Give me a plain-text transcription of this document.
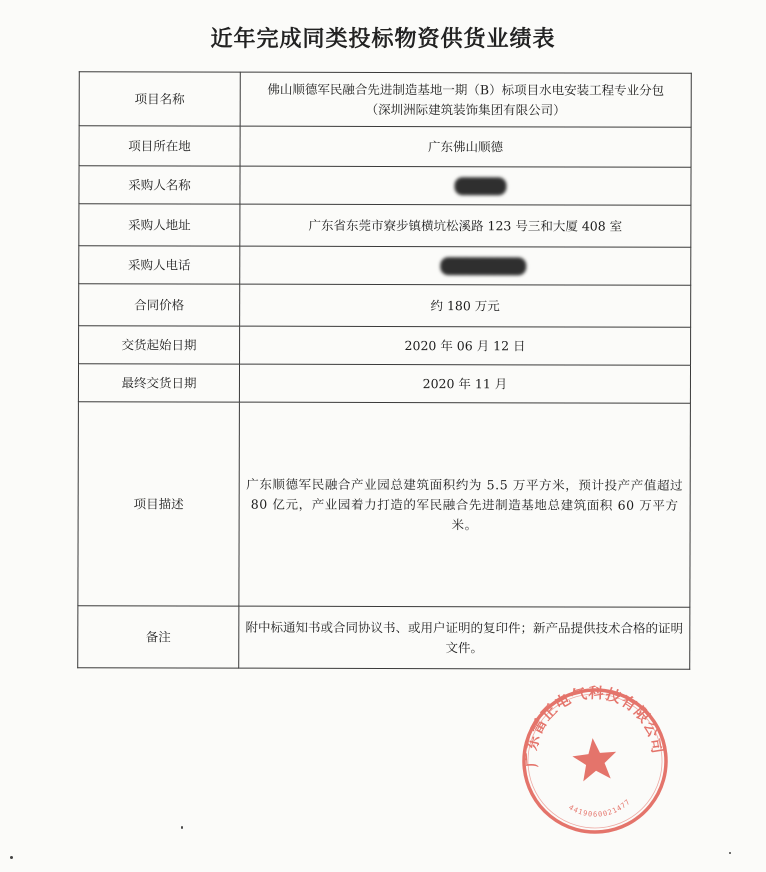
近年完成同类投标物资供货业绩表
项目名称	佛山顺德军民融合先进制造基地一期（B）标项目水电安装工程专业分包
（深圳洲际建筑装饰集团有限公司）

项目所在地	广东佛山顺德
采购人名称	
采购人地址	广东省东莞市寮步镇横坑松溪路 123 号三和大厦 408 室
采购人电话	
合同价格	约 180 万元
交货起始日期	2020 年 06 月 12 日
最终交货日期	2020 年 11 月
项目描述	广东顺德军民融合产业园总建筑面积约为 5.5 万平方米，预计投产产值超过 80 亿元，产业园着力打造的军民融合先进制造基地总建筑面积 60 万平方米。
备注	附中标通知书或合同协议书、或用户证明的复印件；新产品提供技术合格的证明文件。
广东雷正电气科技有限公司
4419060021477
